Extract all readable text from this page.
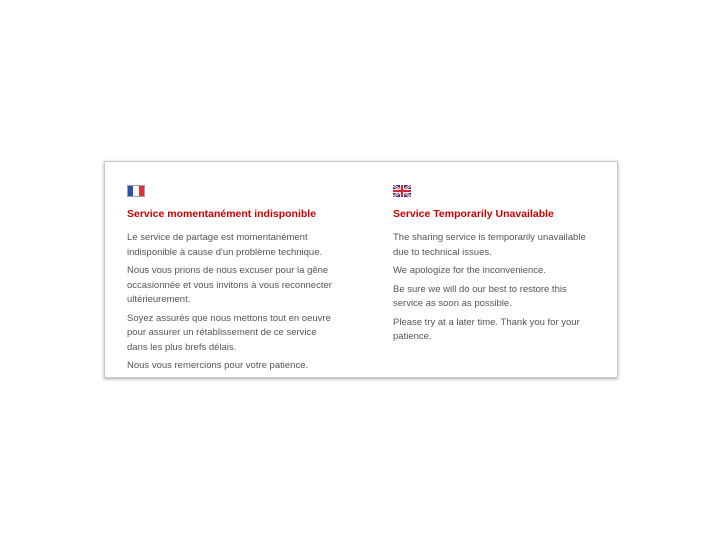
Service momentanément indisponible

Le service de partage est momentanément indisponible à cause d'un problème technique.

Nous vous prions de nous excuser pour la gêne occasionnée et vous invitons à vous reconnecter ultérieurement.

Soyez assurés que nous mettons tout en oeuvre pour assurer un rétablissement de ce service dans les plus brefs délais.

Nous vous remercions pour votre patience.

Service Temporarily Unavailable

The sharing service is temporarily unavailable due to technical issues.

We apologize for the inconvenience.

Be sure we will do our best to restore this service as soon as possible.

Please try at a later time. Thank you for your patience.
